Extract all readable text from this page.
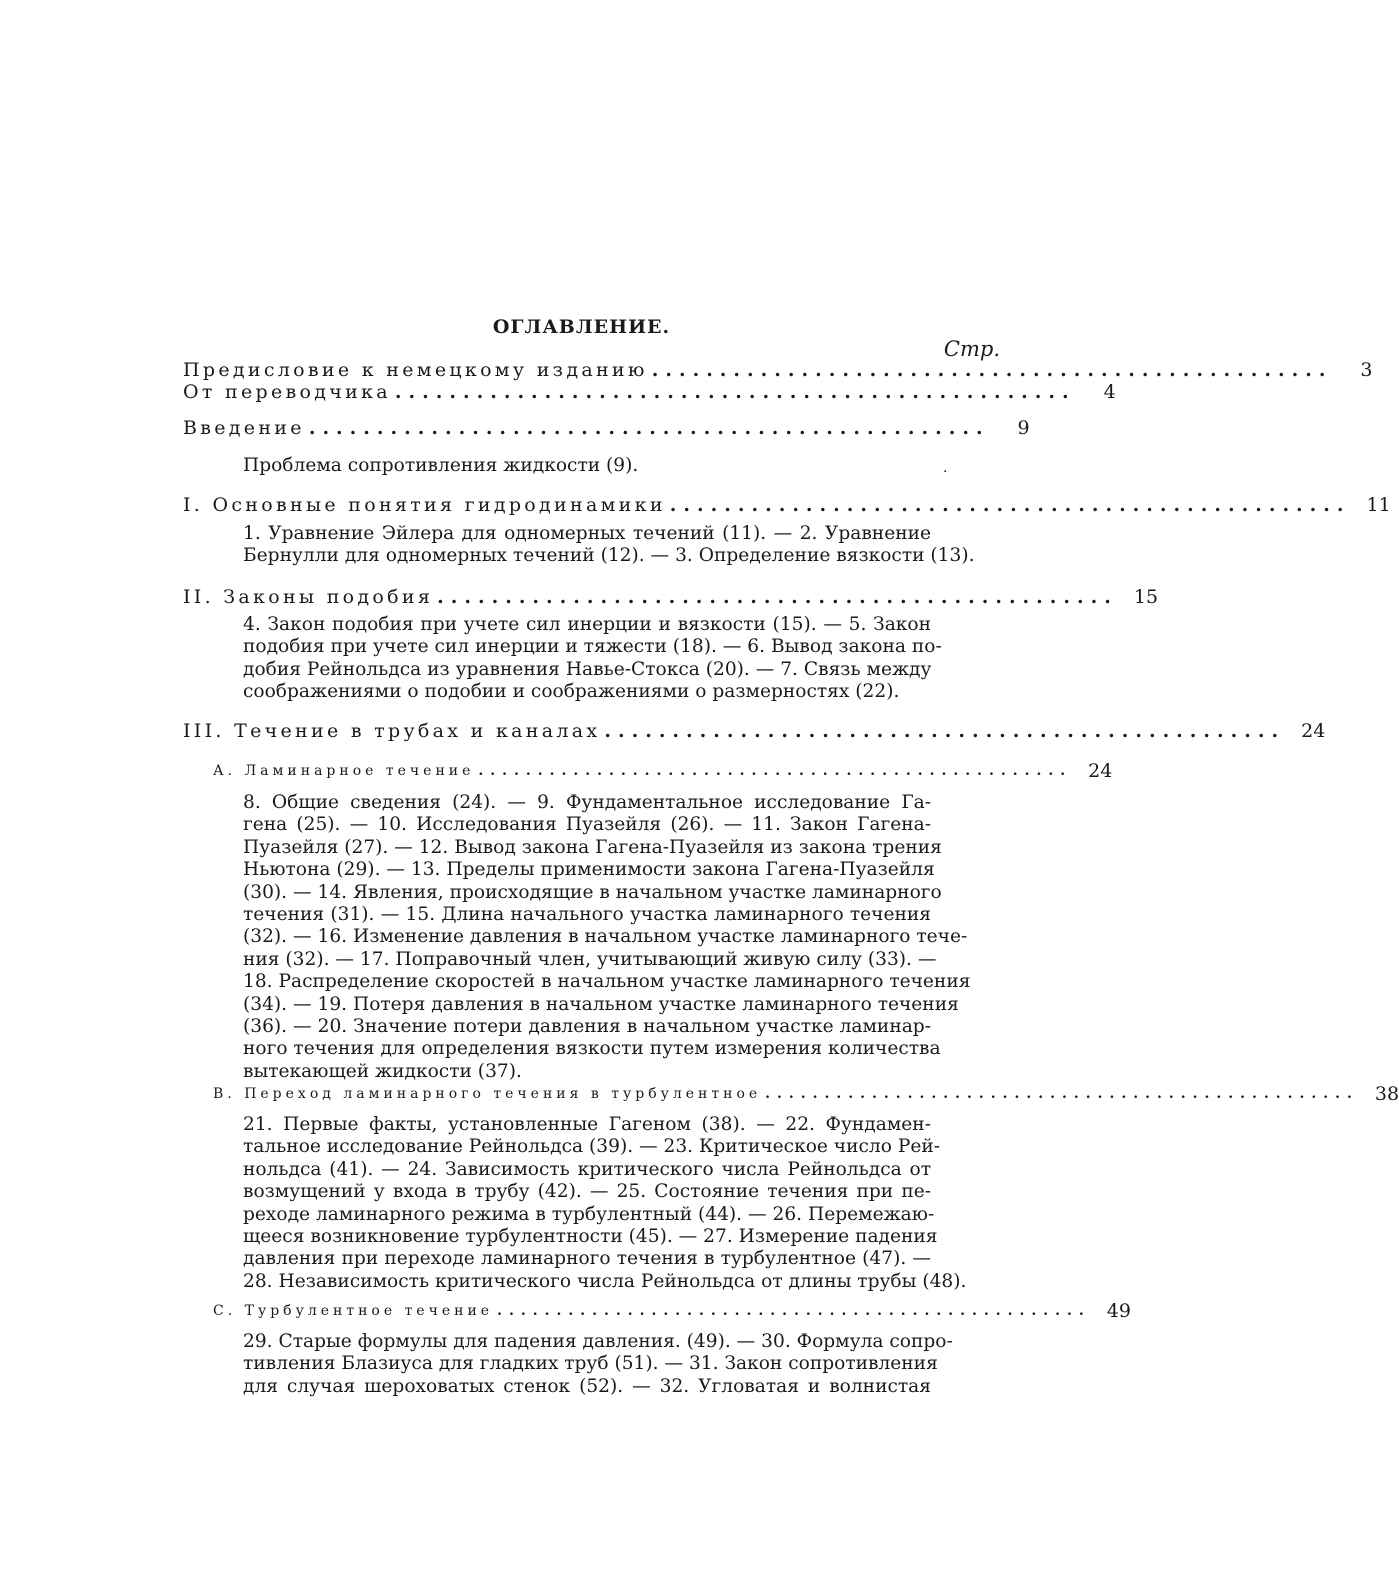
ОГЛАВЛЕНИЕ.
Стр.
Предисловие к немецкому изданию ..................................................	3
От переводчика ..................................................	4
Введение ..................................................	9
Проблема сопротивления жидкости (9).	·
I. Основные понятия гидродинамики .................................................. 11
1. Уравнение Эйлера для одномерных течений (11). — 2. Уравнение
Бернулли для одномерных течений (12). — 3. Определение вязкости (13).
II. Законы подобия .................................................. 15
4. Закон подобия при учете сил инерции и вязкости (15). — 5. Закон
подобия при учете сил инерции и тяжести (18). — 6. Вывод закона по-
добия Рейнольдса из уравнения Навье-Стокса (20). — 7. Связь между
соображениями о подобии и соображениями о размерностях (22).
III. Течение в трубах и каналах .................................................. 24
А. Ламинарное течение .................................................. 24
8. Общие сведения (24). — 9. Фундаментальное исследование Га-
гена (25). — 10. Исследования Пуазейля (26). — 11. Закон Гагена-
Пуазейля (27). — 12. Вывод закона Гагена-Пуазейля из закона трения
Ньютона (29). — 13. Пределы применимости закона Гагена-Пуазейля
(30). — 14. Явления, происходящие в начальном участке ламинарного
течения (31). — 15. Длина начального участка ламинарного течения
(32). — 16. Изменение давления в начальном участке ламинарного тече-
ния (32). — 17. Поправочный член, учитывающий живую силу (33). —
18. Распределение скоростей в начальном участке ламинарного течения
(34). — 19. Потеря давления в начальном участке ламинарного течения
(36). — 20. Значение потери давления в начальном участке ламинар-
ного течения для определения вязкости путем измерения количества
вытекающей жидкости (37).
В. Переход ламинарного течения в турбулентное .................................................. 38
21. Первые факты, установленные Гагеном (38). — 22. Фундамен-
тальное исследование Рейнольдса (39). — 23. Критическое число Рей-
нольдса (41). — 24. Зависимость критического числа Рейнольдса от
возмущений у входа в трубу (42). — 25. Состояние течения при пе-
реходе ламинарного режима в турбулентный (44). — 26. Перемежаю-
щееся возникновение турбулентности (45). — 27. Измерение падения
давления при переходе ламинарного течения в турбулентное (47). —
28. Независимость критического числа Рейнольдса от длины трубы (48).
С. Турбулентное течение .................................................. 49
29. Старые формулы для падения давления. (49). — 30. Формула сопро-
тивления Блазиуса для гладких труб (51). — 31. Закон сопротивления
для случая шероховатых стенок (52). — 32. Угловатая и волнистая
